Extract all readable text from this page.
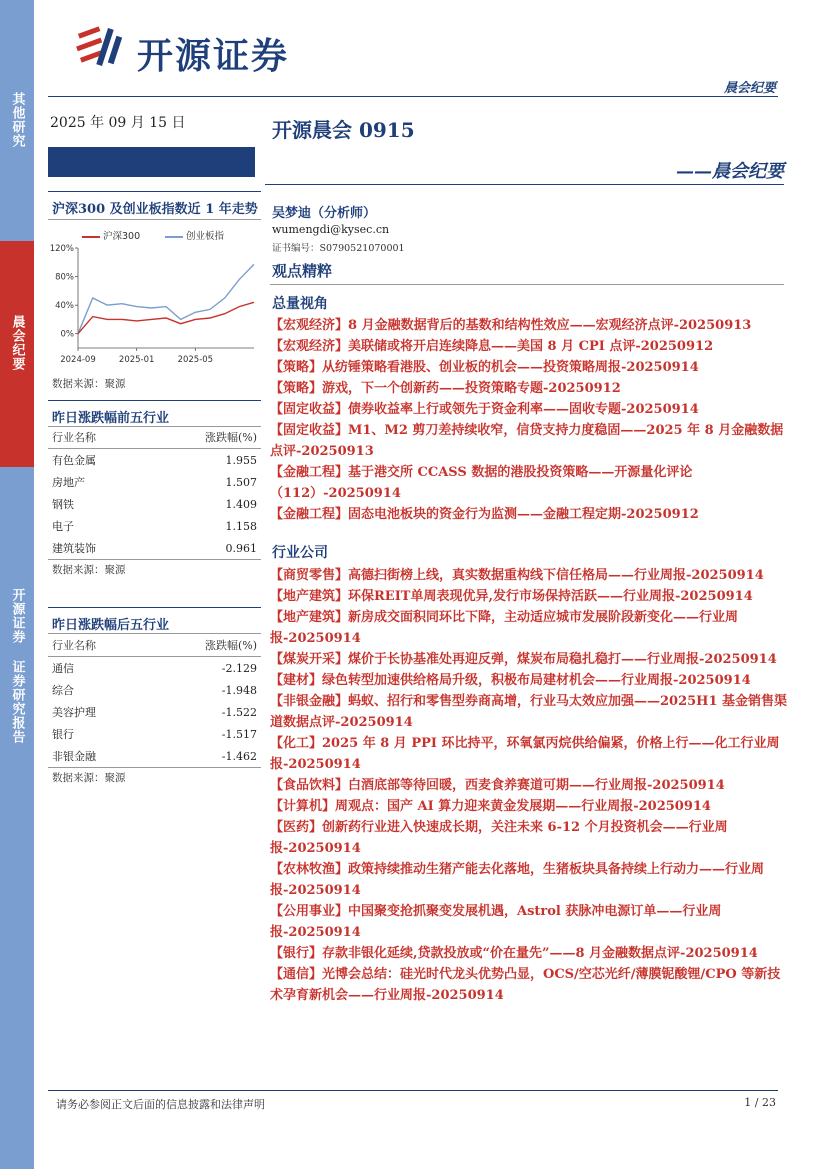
其他研究
晨会纪要
开源证券
证券研究报告
开源证券
晨会纪要
2025 年 09 月 15 日	开源晨会 0915
——晨会纪要
沪深300 及创业板指数近 1 年走势
沪深300	创业板指
0%
40%
80%
120%
2024-09	2025-01	2025-05
数据来源：聚源
昨日涨跌幅前五行业
行业名称	涨跌幅(%)
有色金属	1.955
房地产	1.507
钢铁	1.409
电子	1.158
建筑装饰	0.961
数据来源：聚源
昨日涨跌幅后五行业
行业名称	涨跌幅(%)
通信	-2.129
综合	-1.948
美容护理	-1.522
银行	-1.517
非银金融	-1.462
数据来源：聚源
吴梦迪（分析师）
wumengdi@kysec.cn
证书编号：S0790521070001
观点精粹
总量视角

【宏观经济】8 月金融数据背后的基数和结构性效应——宏观经济点评-20250913

【宏观经济】美联储或将开启连续降息——美国 8 月 CPI 点评-20250912

【策略】从纺锤策略看港股、创业板的机会——投资策略周报-20250914

【策略】游戏，下一个创新药——投资策略专题-20250912

【固定收益】债券收益率上行或领先于资金利率——固收专题-20250914

【固定收益】M1、M2 剪刀差持续收窄，信贷支持力度稳固——2025 年 8 月金融数据点评-20250913

【金融工程】基于港交所 CCASS 数据的港股投资策略——开源量化评论（112）-20250914

【金融工程】固态电池板块的资金行为监测——金融工程定期-20250912

行业公司

【商贸零售】高德扫街榜上线，真实数据重构线下信任格局——行业周报-20250914

【地产建筑】环保REIT单周表现优异,发行市场保持活跃——行业周报-20250914

【地产建筑】新房成交面积同环比下降，主动适应城市发展阶段新变化——行业周报-20250914

【煤炭开采】煤价于长协基准处再迎反弹，煤炭布局稳扎稳打——行业周报-20250914

【建材】绿色转型加速供给格局升级，积极布局建材机会——行业周报-20250914

【非银金融】蚂蚁、招行和零售型券商高增，行业马太效应加强——2025H1 基金销售渠道数据点评-20250914

【化工】2025 年 8 月 PPI 环比持平，环氧氯丙烷供给偏紧，价格上行——化工行业周报-20250914

【食品饮料】白酒底部等待回暖，西麦食养赛道可期——行业周报-20250914

【计算机】周观点：国产 AI 算力迎来黄金发展期——行业周报-20250914

【医药】创新药行业进入快速成长期，关注未来 6-12 个月投资机会——行业周报-20250914

【农林牧渔】政策持续推动生猪产能去化落地，生猪板块具备持续上行动力——行业周报-20250914

【公用事业】中国聚变抢抓聚变发展机遇，Astrol 获脉冲电源订单——行业周报-20250914

【银行】存款非银化延续,贷款投放或“价在量先”——8 月金融数据点评-20250914

【通信】光博会总结：硅光时代龙头优势凸显，OCS/空芯光纤/薄膜铌酸锂/CPO 等新技术孕育新机会——行业周报-20250914

请务必参阅正文后面的信息披露和法律声明	1 / 23
